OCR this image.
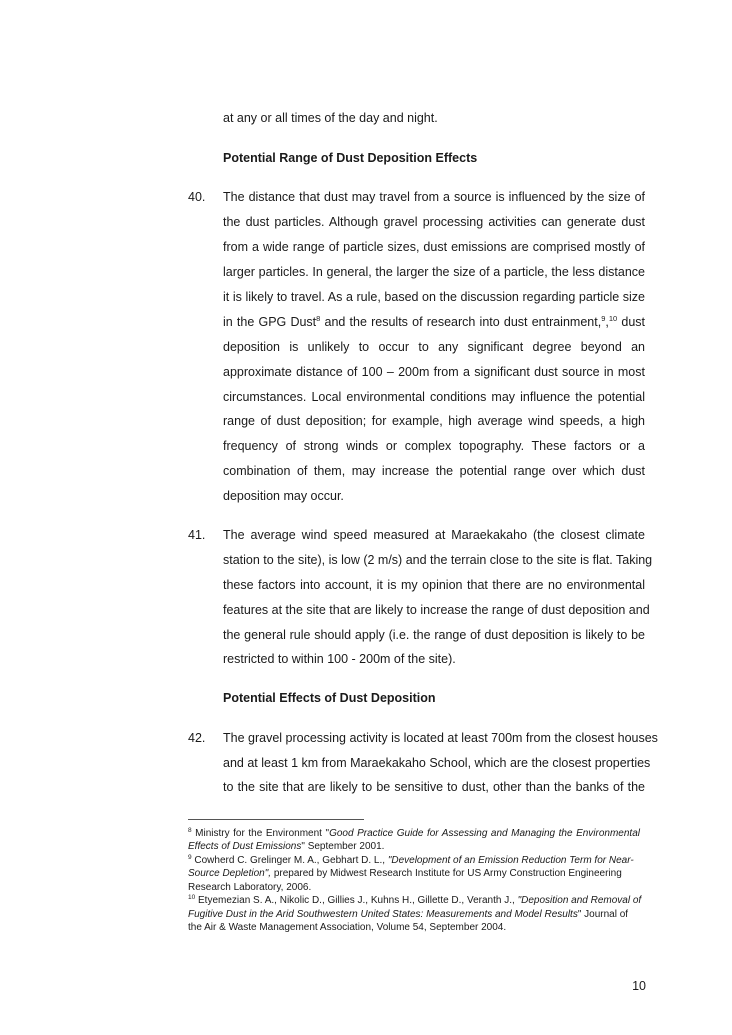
at any or all times of the day and night.
Potential Range of Dust Deposition Effects
40. The distance that dust may travel from a source is influenced by the size of
the dust particles. Although gravel processing activities can generate dust
from a wide range of particle sizes, dust emissions are comprised mostly of
larger particles. In general, the larger the size of a particle, the less distance
it is likely to travel. As a rule, based on the discussion regarding particle size
in the GPG Dust$^8$ and the results of research into dust entrainment,$^9$,$^{10}$ dust
deposition is unlikely to occur to any significant degree beyond an
approximate distance of 100 – 200m from a significant dust source in most
circumstances. Local environmental conditions may influence the potential
range of dust deposition; for example, high average wind speeds, a high
frequency of strong winds or complex topography. These factors or a
combination of them, may increase the potential range over which dust
deposition may occur.
41. The average wind speed measured at Maraekakaho (the closest climate
station to the site), is low (2 m/s) and the terrain close to the site is flat. Taking
these factors into account, it is my opinion that there are no environmental
features at the site that are likely to increase the range of dust deposition and
the general rule should apply (i.e. the range of dust deposition is likely to be
restricted to within 100 - 200m of the site).
Potential Effects of Dust Deposition
42. The gravel processing activity is located at least 700m from the closest houses
and at least 1 km from Maraekakaho School, which are the closest properties
to the site that are likely to be sensitive to dust, other than the banks of the
$^8$ Ministry for the Environment "Good Practice Guide for Assessing and Managing the Environmental
Effects of Dust Emissions" September 2001.
$^9$ Cowherd C. Grelinger M. A., Gebhart D. L., "Development of an Emission Reduction Term for Near-
Source Depletion", prepared by Midwest Research Institute for US Army Construction Engineering
Research Laboratory, 2006.
$^{10}$ Etyemezian S. A., Nikolic D., Gillies J., Kuhns H., Gillette D., Veranth J., "Deposition and Removal of
Fugitive Dust in the Arid Southwestern United States: Measurements and Model Results" Journal of
the Air & Waste Management Association, Volume 54, September 2004.
10
